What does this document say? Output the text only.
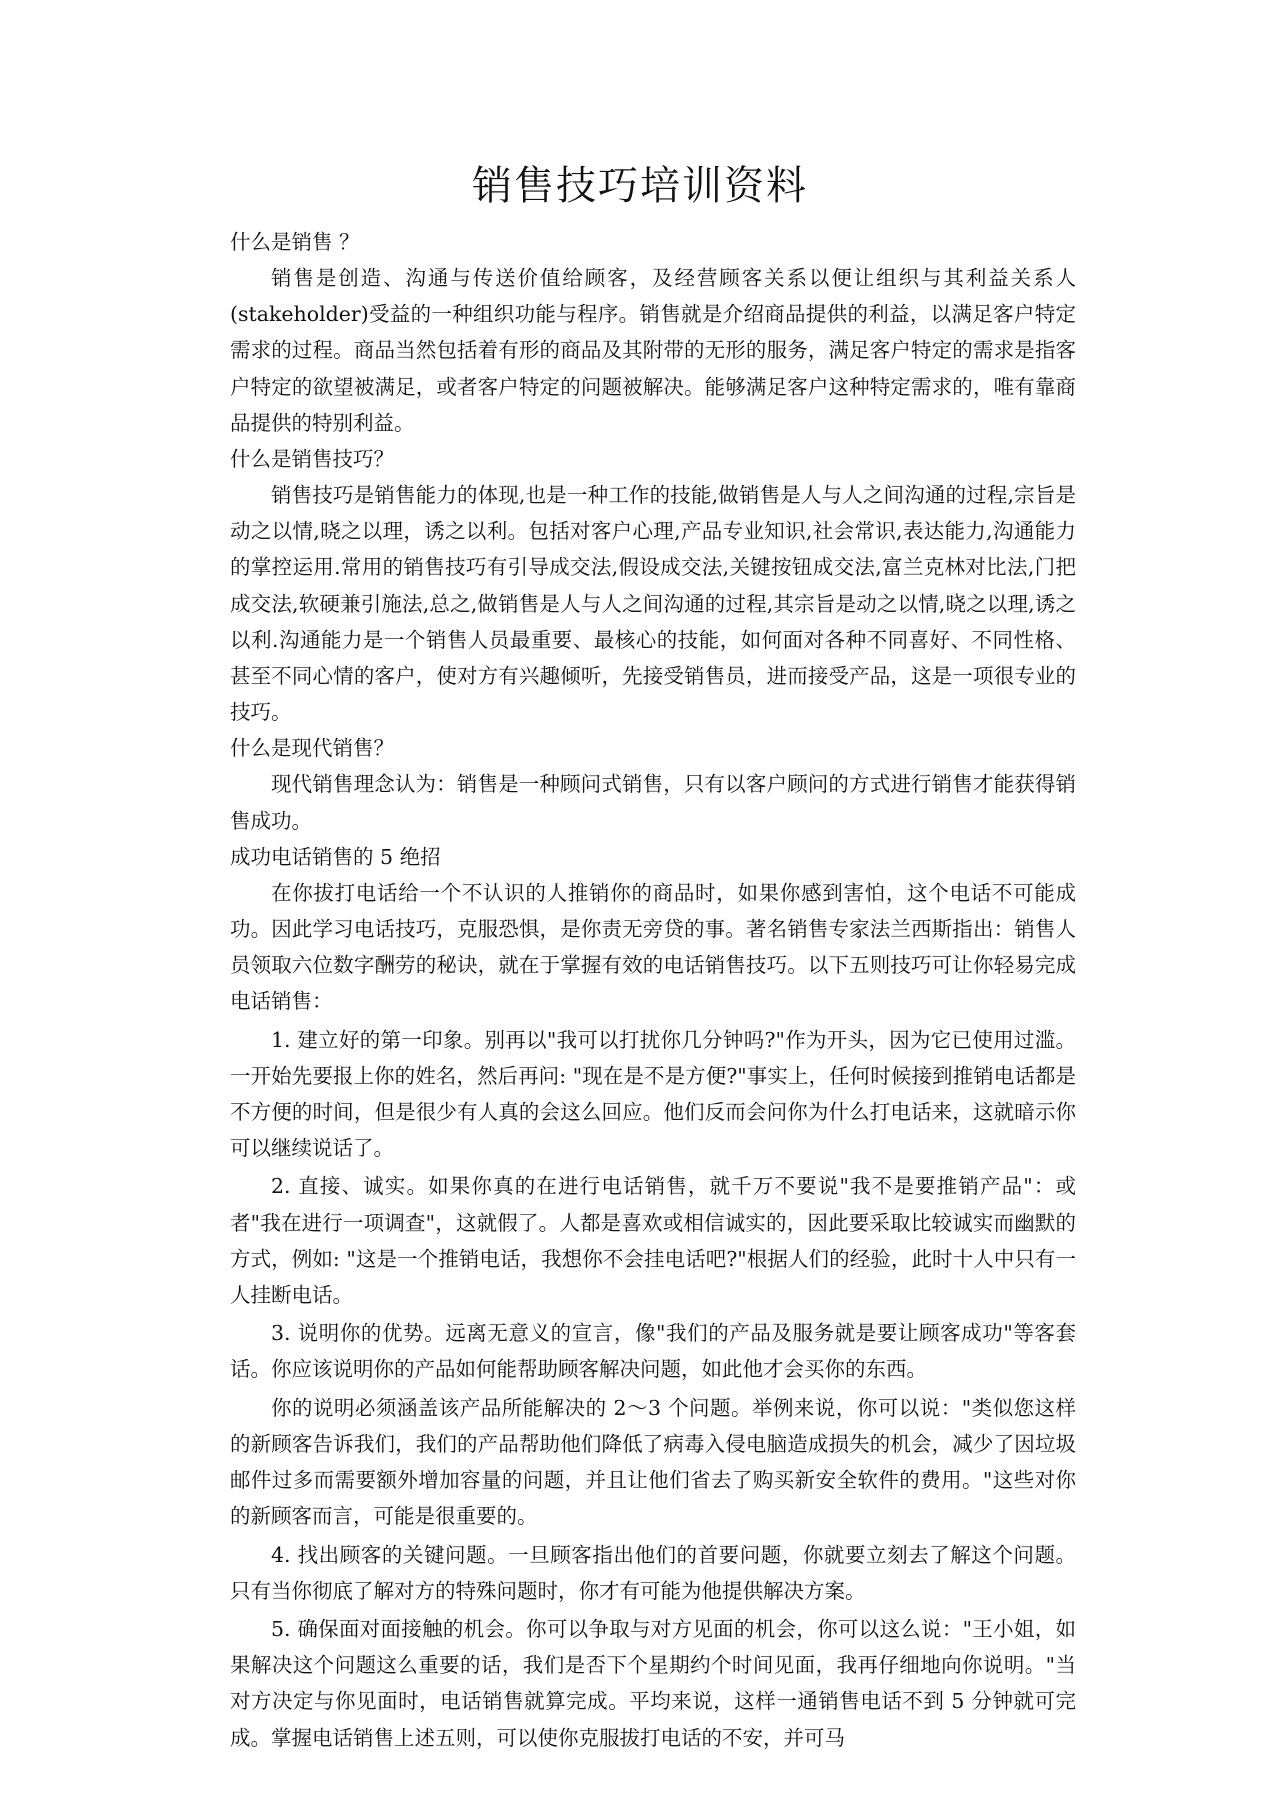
销售技巧培训资料
什么是销售 ？

销售是创造、沟通与传送价值给顾客，及经营顾客关系以便让组织与其利益关系人(stakeholder)受益的一种组织功能与程序。销售就是介绍商品提供的利益，以满足客户特定需求的过程。商品当然包括着有形的商品及其附带的无形的服务，满足客户特定的需求是指客户特定的欲望被满足，或者客户特定的问题被解决。能够满足客户这种特定需求的，唯有靠商品提供的特别利益。

什么是销售技巧？

销售技巧是销售能力的体现,也是一种工作的技能,做销售是人与人之间沟通的过程,宗旨是动之以情,晓之以理，诱之以利。包括对客户心理,产品专业知识,社会常识,表达能力,沟通能力的掌控运用.常用的销售技巧有引导成交法,假设成交法,关键按钮成交法,富兰克林对比法,门把成交法,软硬兼引施法,总之,做销售是人与人之间沟通的过程,其宗旨是动之以情,晓之以理,诱之以利.沟通能力是一个销售人员最重要、最核心的技能，如何面对各种不同喜好、不同性格、甚至不同心情的客户，使对方有兴趣倾听，先接受销售员，进而接受产品，这是一项很专业的技巧。

什么是现代销售？

现代销售理念认为：销售是一种顾问式销售，只有以客户顾问的方式进行销售才能获得销售成功。

成功电话销售的 5 绝招

在你拔打电话给一个不认识的人推销你的商品时，如果你感到害怕，这个电话不可能成功。因此学习电话技巧，克服恐惧，是你责无旁贷的事。著名销售专家法兰西斯指出：销售人员领取六位数字酬劳的秘诀，就在于掌握有效的电话销售技巧。以下五则技巧可让你轻易完成电话销售：

1. 建立好的第一印象。别再以"我可以打扰你几分钟吗?"作为开头，因为它已使用过滥。一开始先要报上你的姓名，然后再问: "现在是不是方便?"事实上，任何时候接到推销电话都是不方便的时间，但是很少有人真的会这么回应。他们反而会问你为什么打电话来，这就暗示你可以继续说话了。

2. 直接、诚实。如果你真的在进行电话销售，就千万不要说"我不是要推销产品"：或者"我在进行一项调查"，这就假了。人都是喜欢或相信诚实的，因此要采取比较诚实而幽默的方式，例如: "这是一个推销电话，我想你不会挂电话吧?"根据人们的经验，此时十人中只有一人挂断电话。

3. 说明你的优势。远离无意义的宣言，像"我们的产品及服务就是要让顾客成功"等客套话。你应该说明你的产品如何能帮助顾客解决问题，如此他才会买你的东西。

你的说明必须涵盖该产品所能解决的 2～3 个问题。举例来说，你可以说："类似您这样的新顾客告诉我们，我们的产品帮助他们降低了病毒入侵电脑造成损失的机会，减少了因垃圾邮件过多而需要额外增加容量的问题，并且让他们省去了购买新安全软件的费用。"这些对你的新顾客而言，可能是很重要的。

4. 找出顾客的关键问题。一旦顾客指出他们的首要问题，你就要立刻去了解这个问题。只有当你彻底了解对方的特殊问题时，你才有可能为他提供解决方案。

5. 确保面对面接触的机会。你可以争取与对方见面的机会，你可以这么说："王小姐，如果解决这个问题这么重要的话，我们是否下个星期约个时间见面，我再仔细地向你说明。"当对方决定与你见面时，电话销售就算完成。平均来说，这样一通销售电话不到 5 分钟就可完成。掌握电话销售上述五则，可以使你克服拔打电话的不安，并可马
